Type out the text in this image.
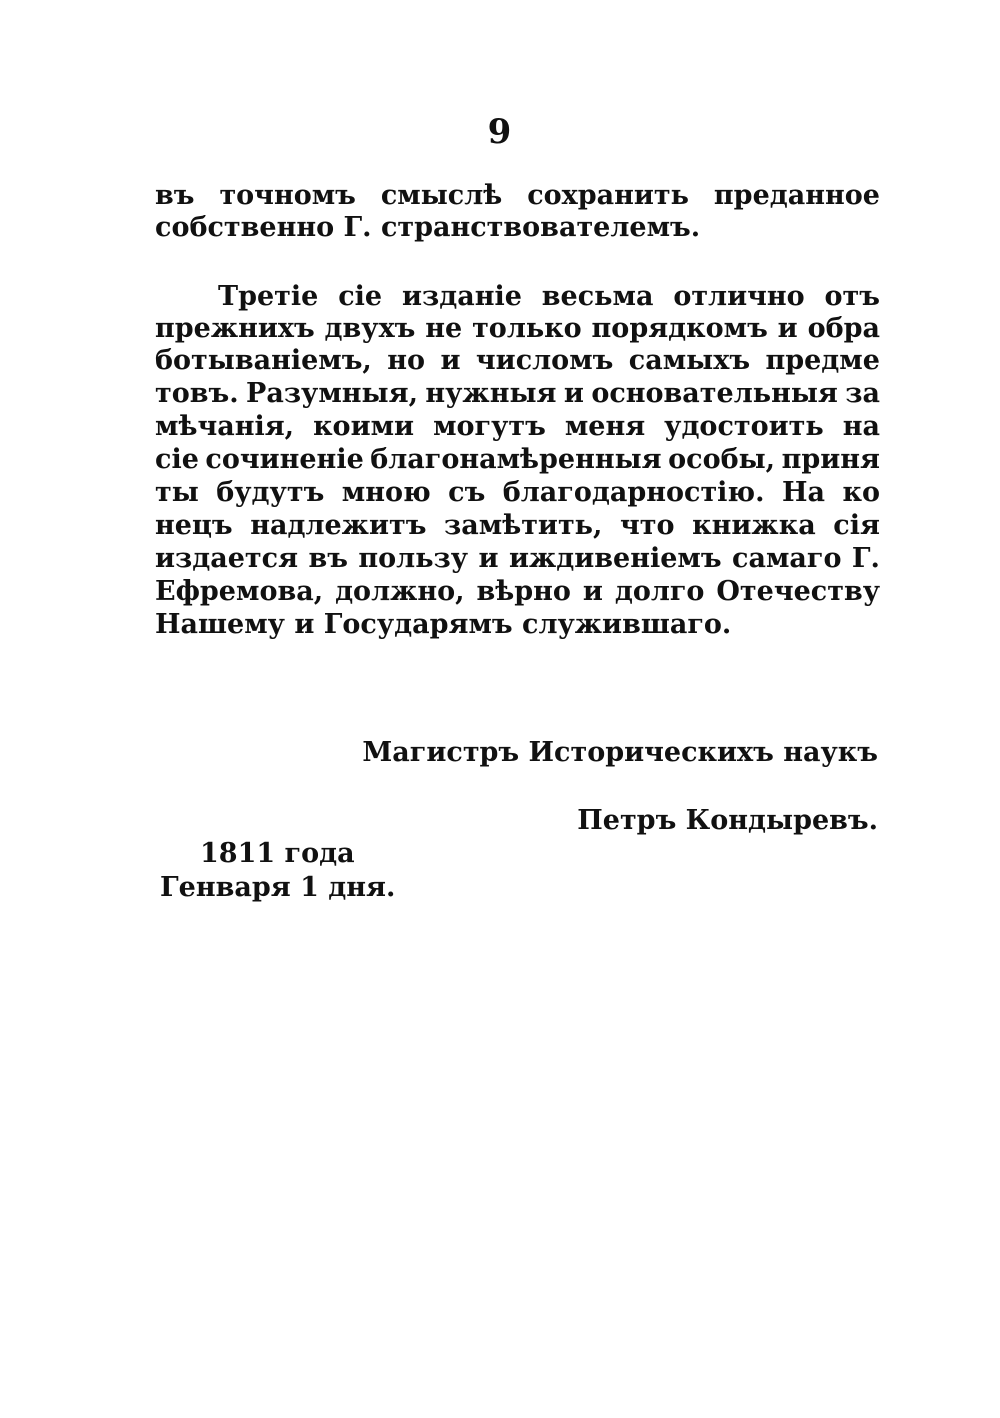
9
въ точномъ смыслѣ сохранить преданное
собственно Г. странствователемъ.
Третіе сіе изданіе весьма отлично отъ
прежнихъ двухъ не только порядкомъ и обра
ботываніемъ, но и числомъ самыхъ предме
товъ. Разумныя, нужныя и основательныя за
мѣчанія, коими могутъ меня удостоить на
сіе сочиненіе благонамѣренныя особы, приня
ты будутъ мною съ благодарностію. На ко
нецъ надлежитъ замѣтить, что книжка сія
издается въ пользу и иждивеніемъ самаго Г.
Ефремова, должно, вѣрно и долго Отечеству
Нашему и Государямъ служившаго.
Магистръ Историческихъ наукъ
Петръ Кондыревъ.
1811 года
Генваря 1 дня.
